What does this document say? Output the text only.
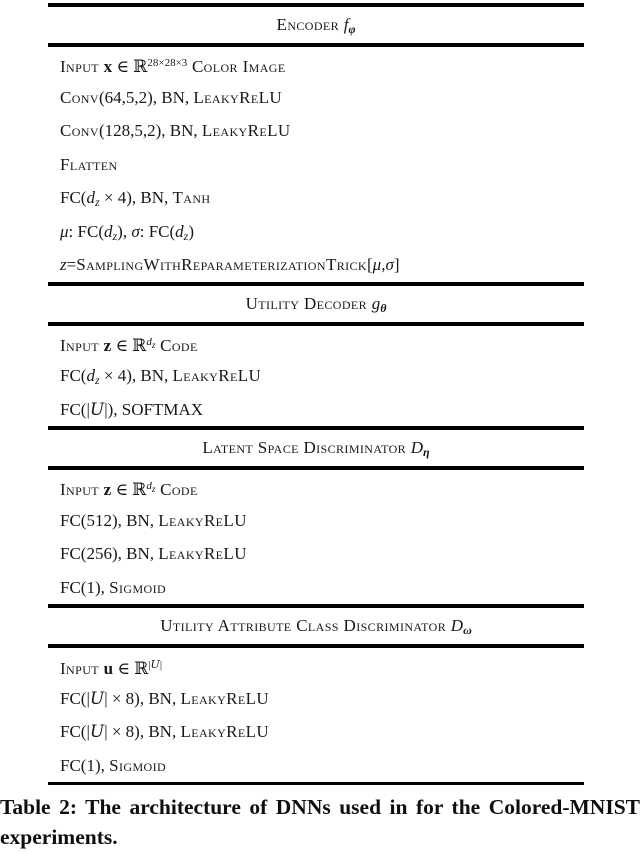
Encoder $f_\varphi$
Input x ∈ ℝ$^{28\times 28\times 3}$ Color Image
Conv(64,5,2), BN, LeakyReLU
Conv(128,5,2), BN, LeakyReLU
Flatten
$FC(d_z \times 4)$, BN, Tanh
μ: $FC(d_z)$, σ: $FC(d_z)$
z=SamplingWithReparameterizationTrick[μ,σ]
Utility Decoder $g_\theta$
Input z ∈ ℝ$^d$z Code
$FC(d_z \times 4)$, BN, LeakyReLU
FC(|U|), SOFTMAX
Latent Space Discriminator $D_\eta$
Input z ∈ ℝ$^d$z Code
FC(512), BN, LeakyReLU
FC(256), BN, LeakyReLU
FC(1), Sigmoid
Utility Attribute Class Discriminator $D_\omega$
Input u ∈ ℝ$^{|U|}$
FC(|U| × 8), BN, LeakyReLU
FC(|U| × 8), BN, LeakyReLU
FC(1), Sigmoid
Table 2: The architecture of DNNs used in for the Colored-MNIST experiments.
